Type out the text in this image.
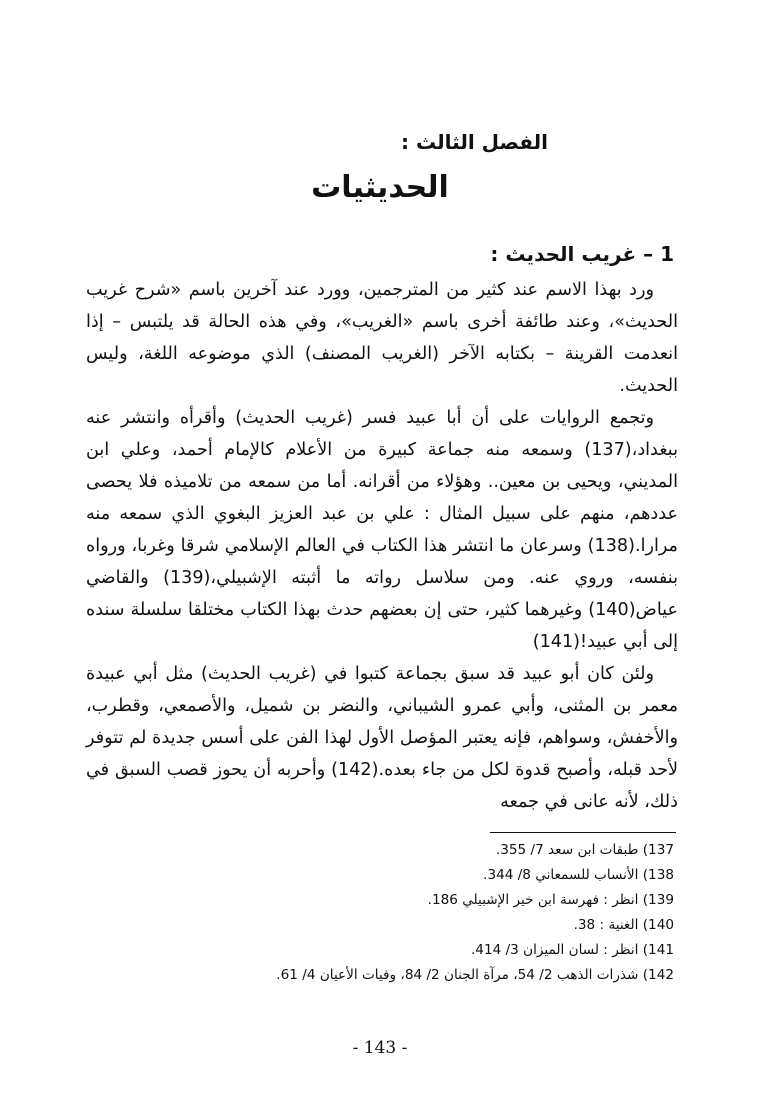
الفصل الثالث :
الحديثيات
1 – غريب الحديث :

ورد بهذا الاسم عند كثير من المترجمين، وورد عند آخرين باسم «شرح غريب الحديث»، وعند طائفة أخرى باسم «الغريب»، وفي هذه الحالة قد يلتبس – إذا انعدمت القرينة – بكتابه الآخر (الغريب المصنف) الذي موضوعه اللغة، وليس الحديث.

وتجمع الروايات على أن أبا عبيد فسر (غريب الحديث) وأقرأه وانتشر عنه ببغداد،(137) وسمعه منه جماعة كبيرة من الأعلام كالإمام أحمد، وعلي ابن المديني، ويحيى بن معين.. وهؤلاء من أقرانه. أما من سمعه من تلاميذه فلا يحصى عددهم، منهم على سبيل المثال : علي بن عبد العزيز البغوي الذي سمعه منه مرارا.(138) وسرعان ما انتشر هذا الكتاب في العالم الإسلامي شرقا وغربا، ورواه بنفسه، وروي عنه. ومن سلاسل رواته ما أثبته الإشبيلي،(139) والقاضي عياض(140) وغيرهما كثير، حتى إن بعضهم حدث بهذا الكتاب مختلقا سلسلة سنده إلى أبي عبيد!(141)

ولئن كان أبو عبيد قد سبق بجماعة كتبوا في (غريب الحديث) مثل أبي عبيدة معمر بن المثنى، وأبي عمرو الشيباني، والنضر بن شميل، والأصمعي، وقطرب، والأخفش، وسواهم، فإنه يعتبر المؤصل الأول لهذا الفن على أسس جديدة لم تتوفر لأحد قبله، وأصبح قدوة لكل من جاء بعده.(142) وأحربه أن يحوز قصب السبق في ذلك، لأنه عانى في جمعه

137) طبقات ابن سعد 7/ 355.
138) الأنساب للسمعاني 8/ 344.
139) انظر : فهرسة ابن خير الإشبيلي 186.
140) الغنية : 38.
141) انظر : لسان الميزان 3/ 414.
142) شذرات الذهب 2/ 54، مرآة الجنان 2/ 84، وفيات الأعيان 4/ 61.
- 143 -
